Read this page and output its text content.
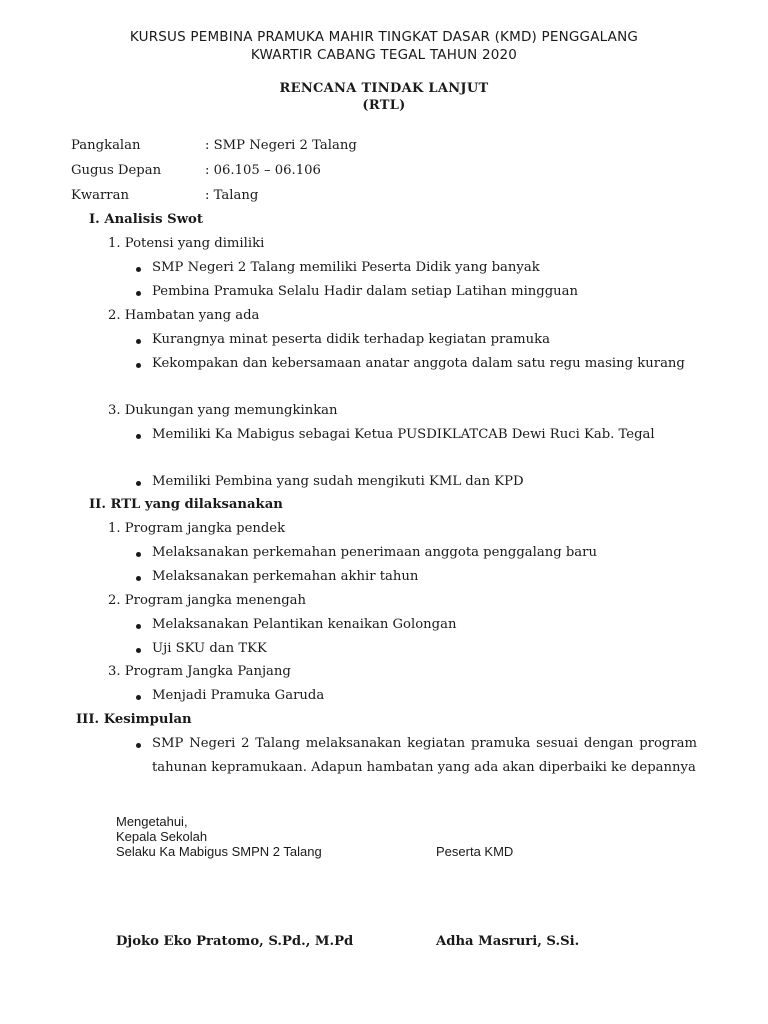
KURSUS PEMBINA PRAMUKA MAHIR TINGKAT DASAR (KMD) PENGGALANG
KWARTIR CABANG TEGAL TAHUN 2020
RENCANA TINDAK LANJUT
(RTL)
Pangkalan	: SMP Negeri 2 Talang
Gugus Depan	: 06.105 – 06.106
Kwarran	: Talang
I. Analisis Swot
1. Potensi yang dimiliki
SMP Negeri 2 Talang memiliki Peserta Didik yang banyak
Pembina Pramuka Selalu Hadir dalam setiap Latihan mingguan
2. Hambatan yang ada
Kurangnya minat peserta didik terhadap kegiatan pramuka
Kekompakan dan kebersamaan anatar anggota dalam satu regu masing kurang
3. Dukungan yang memungkinkan
Memiliki Ka Mabigus sebagai Ketua PUSDIKLATCAB Dewi Ruci Kab. Tegal
Memiliki Pembina yang sudah mengikuti KML dan KPD
II. RTL yang dilaksanakan
1. Program jangka pendek
Melaksanakan perkemahan penerimaan anggota penggalang baru
Melaksanakan perkemahan akhir tahun
2. Program jangka menengah
Melaksanakan Pelantikan kenaikan Golongan
Uji SKU dan TKK
3. Program Jangka Panjang
Menjadi Pramuka Garuda
III. Kesimpulan
SMP Negeri 2 Talang melaksanakan kegiatan pramuka sesuai dengan program tahunan kepramukaan. Adapun hambatan yang ada akan diperbaiki ke depannya
Mengetahui,
Kepala Sekolah
Selaku Ka Mabigus SMPN 2 Talang	Peserta KMD
Djoko Eko Pratomo, S.Pd., M.Pd	Adha Masruri, S.Si.
